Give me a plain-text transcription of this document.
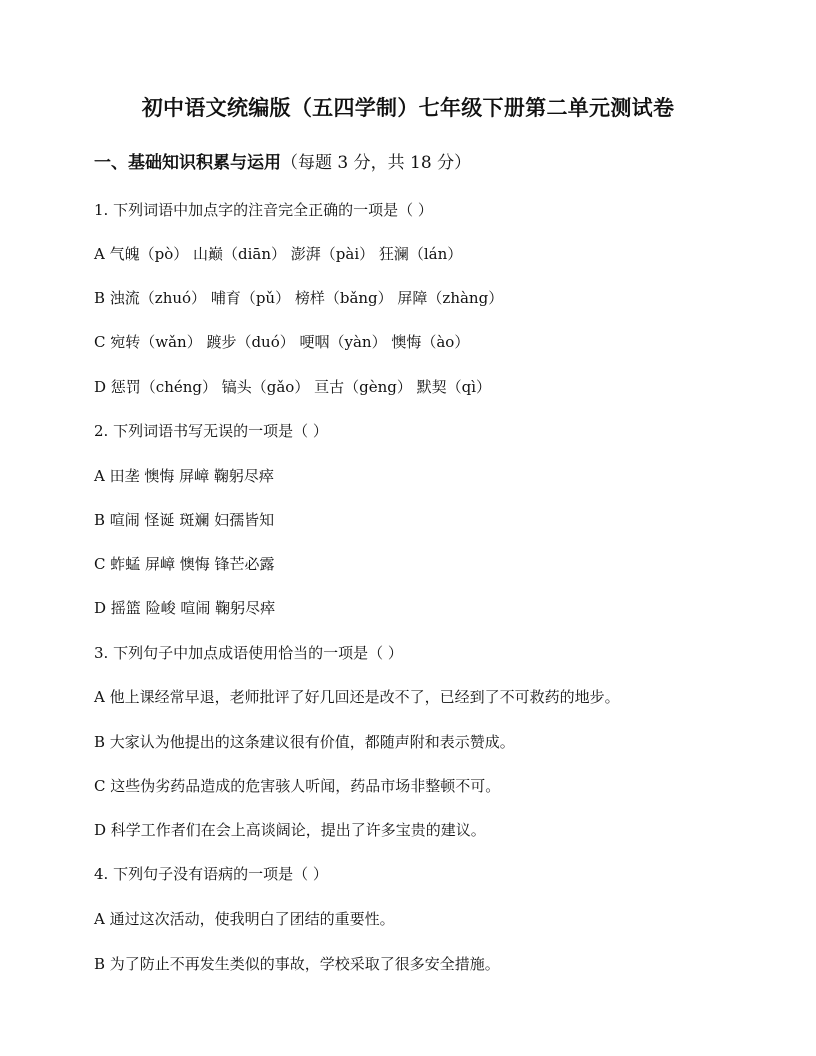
初中语文统编版（五四学制）七年级下册第二单元测试卷
一、基础知识积累与运用（每题 3 分，共 18 分）
1. 下列词语中加点字的注音完全正确的一项是（ ）
A 气魄（pò） 山巅（diān） 澎湃（pài） 狂澜（lán）
B 浊流（zhuó） 哺育（pǔ） 榜样（bǎng） 屏障（zhàng）
C 宛转（wǎn） 踱步（duó） 哽咽（yàn） 懊悔（ào）
D 惩罚（chéng） 镐头（gǎo） 亘古（gèng） 默契（qì）
2. 下列词语书写无误的一项是（ ）
A 田垄 懊悔 屏嶂 鞠躬尽瘁
B 喧闹 怪诞 斑斓 妇孺皆知
C 蚱蜢 屏嶂 懊悔 锋芒必露
D 摇篮 险峻 喧闹 鞠躬尽瘁
3. 下列句子中加点成语使用恰当的一项是（ ）
A 他上课经常早退，老师批评了好几回还是改不了，已经到了不可救药的地步。
B 大家认为他提出的这条建议很有价值，都随声附和表示赞成。
C 这些伪劣药品造成的危害骇人听闻，药品市场非整顿不可。
D 科学工作者们在会上高谈阔论，提出了许多宝贵的建议。
4. 下列句子没有语病的一项是（ ）
A 通过这次活动，使我明白了团结的重要性。
B 为了防止不再发生类似的事故，学校采取了很多安全措施。
